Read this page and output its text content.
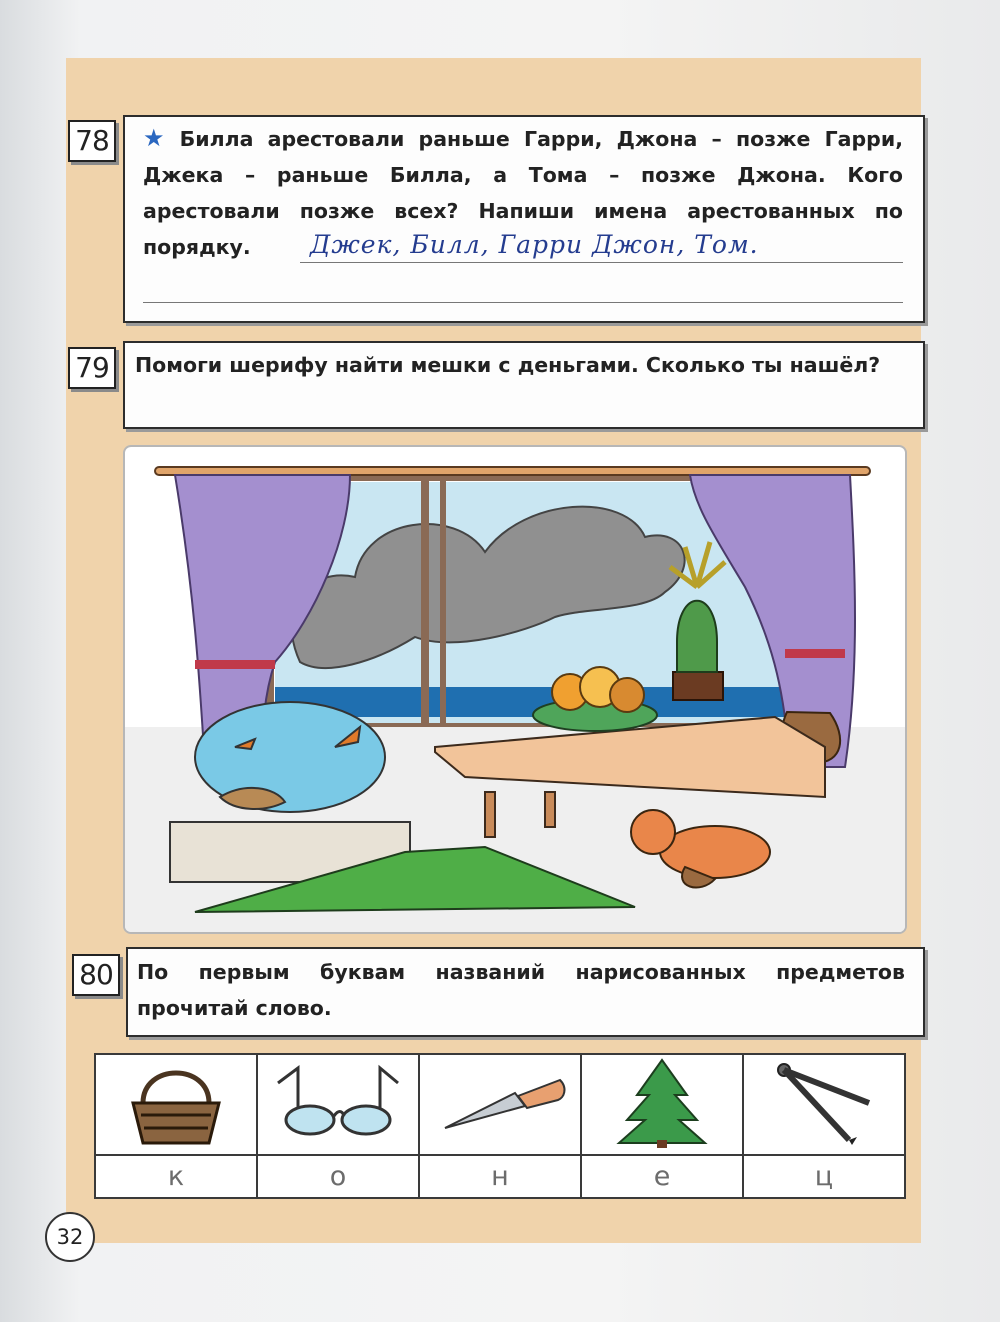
78 ★ Билла арестовали раньше Гарри, Джона – позже Гарри, Джека – раньше Билла, а Тома – позже Джона. Кого арестовали позже всех? Напиши имена арестованных по порядку.	Джек, Билл, Гарри Джон, Том.
79	Помоги шерифу найти мешки с деньгами. Сколько ты нашёл?
80	По первым буквам названий нарисованных предметов прочитай слово.

к	о	н	е	ц
32
